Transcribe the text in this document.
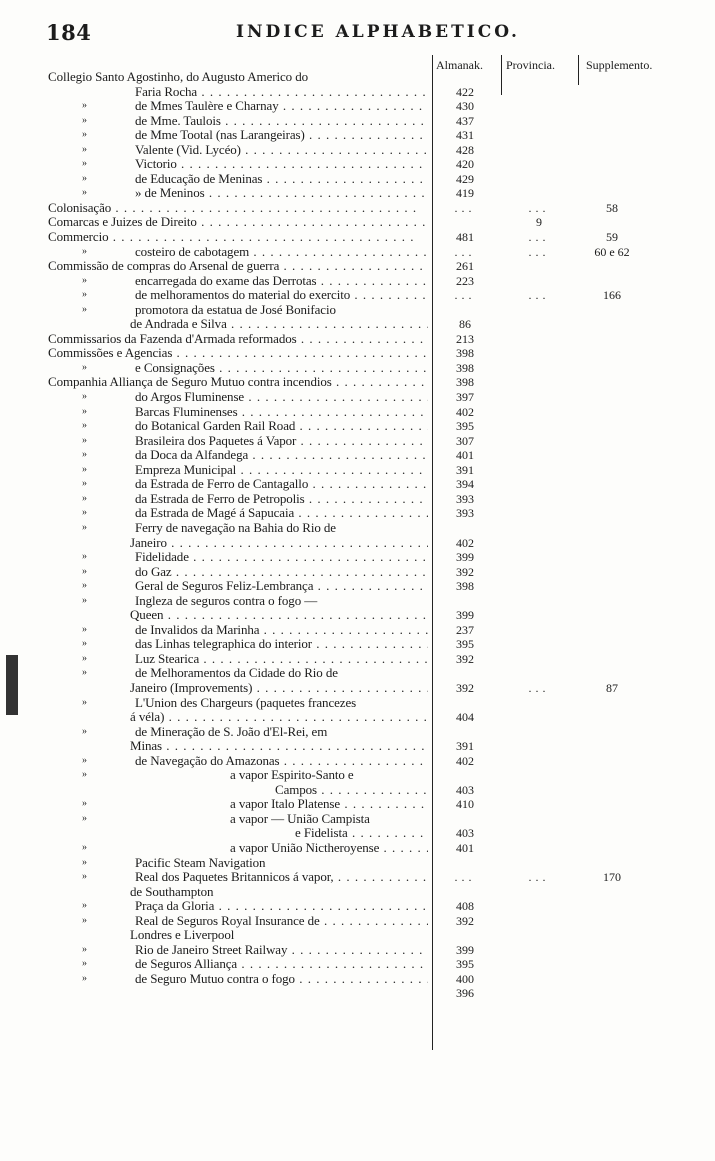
184	INDICE ALPHABETICO.
Almanak. Provincia.	Supplemento.
Collegio Santo Agostinho, do Augusto Americo do
Faria Rocha . . .	422
»	de Mmes Taulère e Charnay . . .	430
»	de Mme. Taulois . . .	437
»	de Mme Tootal (nas Larangeiras) . . .	431
»	Valente (Vid. Lycéo) . . .	428
»	Victorio . . .	420
»	de Educação de Meninas . . .	429
»	» de Meninos . . .	419
Colonisação . . .	...	...	58
Comarcas e Juizes de Direito . . .	9
Commercio . . .	481	...	59
»	costeiro de cabotagem . . .	...	...	60 e 62
Commissão de compras do Arsenal de guerra . . .	261
»	encarregada do exame das Derrotas . . .	223
»	de melhoramentos do material do exercito . . .	...	...	166
»	promotora da estatua de José Bonifacio
de Andrada e Silva . . .	86
Commissarios da Fazenda d'Armada reformados . . .	213
Commissões e Agencias . . .	398
»	e Consignações . . .	398
Companhia Alliança de Seguro Mutuo contra incendios . . .	398
»	do Argos Fluminense . . .	397
»	Barcas Fluminenses . . .	402
»	do Botanical Garden Rail Road . . .	395
»	Brasileira dos Paquetes á Vapor . . .	307
»	da Doca da Alfandega . . .	401
»	Empreza Municipal . . .	391
»	da Estrada de Ferro de Cantagallo . . .	394
»	da Estrada de Ferro de Petropolis . . .	393
»	da Estrada de Magé á Sapucaia . . .	393
»	Ferry de navegação na Bahia do Rio de
Janeiro . . .	402
»	Fidelidade . . .	399
»	do Gaz . . .	392
»	Geral de Seguros Feliz-Lembrança . . .	398
»	Ingleza de seguros contra o fogo —
Queen . . .	399
»	de Invalidos da Marinha . . .	237
»	das Linhas telegraphica do interior . . .	395
»	Luz Stearica . . .	392
»	de Melhoramentos da Cidade do Rio de
Janeiro (Improvements) . . .	392	...	87
»	L'Union des Chargeurs (paquetes francezes
á véla) . . .	404
»	de Mineração de S. João d'El-Rei, em
Minas . . .	391
»	de Navegação do Amazonas . . .	402
»	a vapor Espirito-Santo e
Campos . . .	403
»	a vapor Italo Platense . . .	410
»	a vapor — União Campista
e Fidelista . . .	403
»	a vapor União Nictheroyense . . .	401
»	Pacific Steam Navigation
»	Real dos Paquetes Britannicos á vapor, . . .	...	...	170
de Southampton
»	Praça da Gloria . . .	408
»	Real de Seguros Royal Insurance de . . .	392
Londres e Liverpool
»	Rio de Janeiro Street Railway . . .	399
»	de Seguros Alliança . . .	395
»	de Seguro Mutuo contra o fogo . . .	400
396
